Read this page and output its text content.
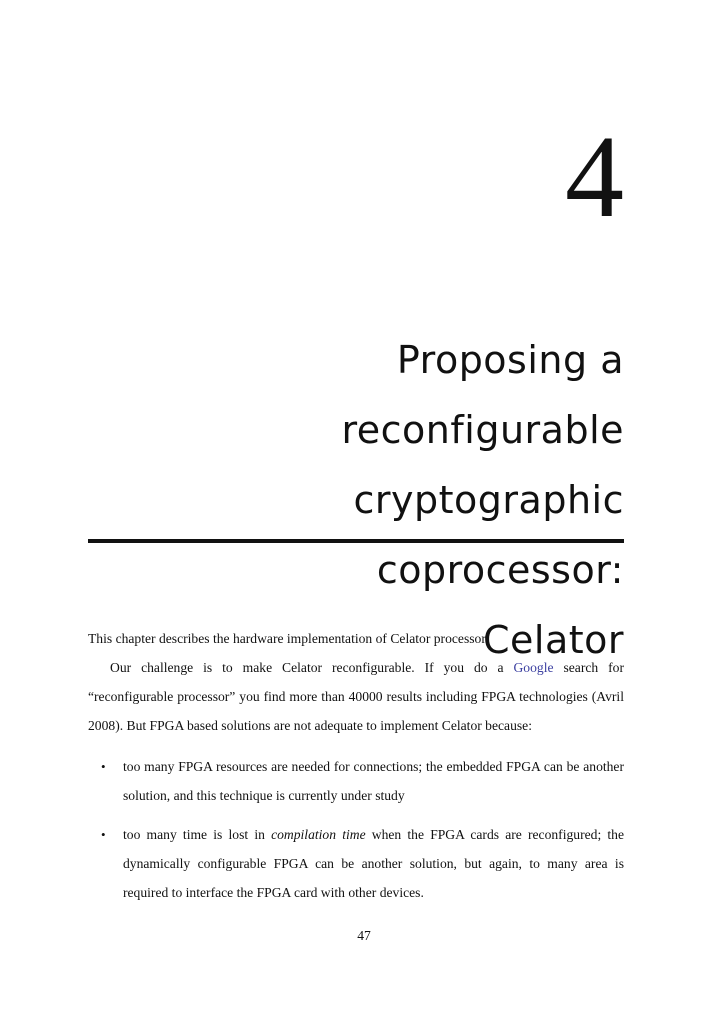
4
Proposing a reconfigurable
cryptographic coprocessor:
Celator

This chapter describes the hardware implementation of Celator processor.

Our challenge is to make Celator reconfigurable. If you do a Google search for “reconfigurable processor” you find more than 40000 results including FPGA technologies (Avril 2008). But FPGA based solutions are not adequate to implement Celator because:

• too many FPGA resources are needed for connections; the embedded FPGA can be another solution, and this technique is currently under study
• too many time is lost in compilation time when the FPGA cards are reconfigured; the dynamically configurable FPGA can be another solution, but again, to many area is required to interface the FPGA card with other devices.
47
